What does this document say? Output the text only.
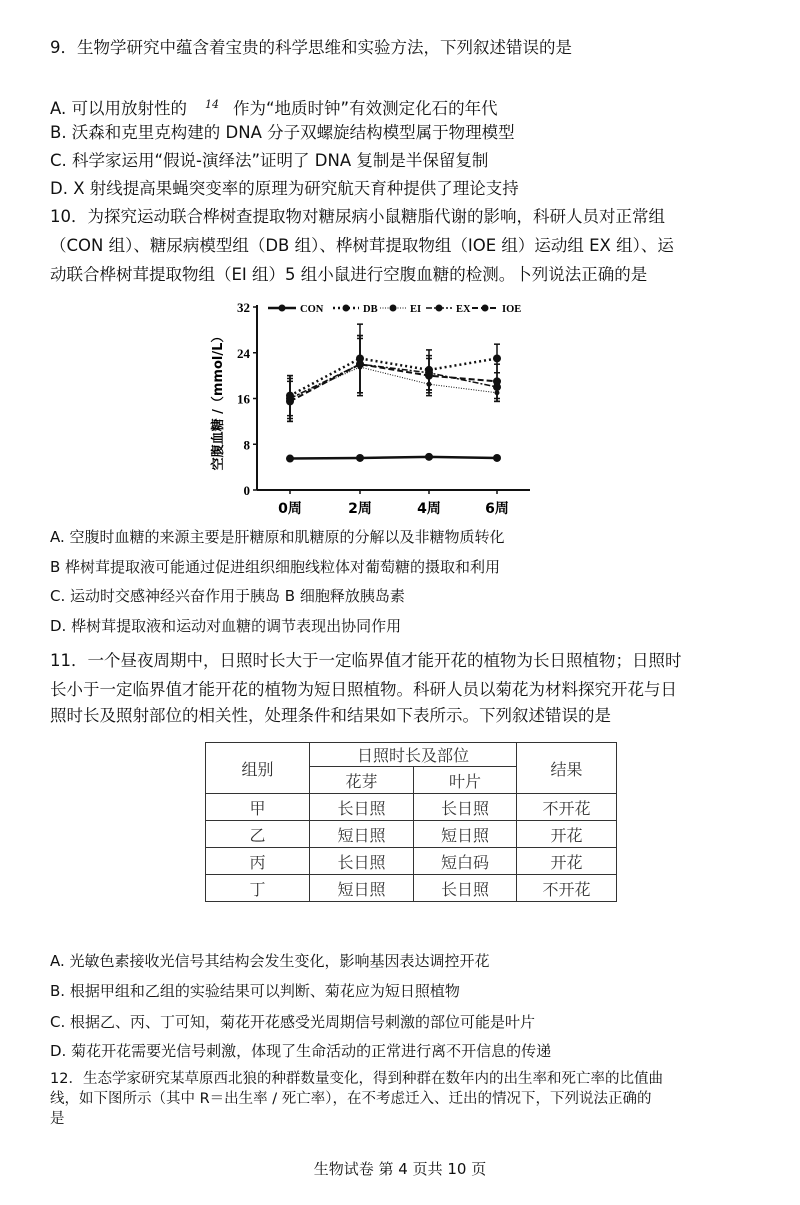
9．生物学研究中蕴含着宝贵的科学思维和实验方法，下列叙述错误的是
A. 可以用放射性的 $^{14}$ 作为“地质时钟”有效测定化石的年代
B. 沃森和克里克构建的 DNA 分子双螺旋结构模型属于物理模型
C. 科学家运用“假说-演绎法”证明了 DNA 复制是半保留复制
D. X 射线提高果蝇突变率的原理为研究航天育种提供了理论支持
10．为探究运动联合桦树查提取物对糖尿病小鼠糖脂代谢的影响，科研人员对正常组
（CON 组）、糖尿病模型组（DB 组）、桦树茸提取物组（IOE 组）运动组 EX 组）、运
动联合桦树茸提取物组（EI 组）5 组小鼠进行空腹血糖的检测。卜列说法正确的是
0
8
16
24
32
0周	2周	4周	6周
空腹血糖 /（mmol/L）
CON	DB	EI	EX	IOE
A. 空腹时血糖的来源主要是肝糖原和肌糖原的分解以及非糖物质转化
B 桦树茸提取液可能通过促进组织细胞线粒体对葡萄糖的摄取和利用
C. 运动时交感神经兴奋作用于胰岛 B 细胞释放胰岛素
D. 桦树茸提取液和运动对血糖的调节表现出协同作用
11．一个昼夜周期中，日照时长大于一定临界值才能开花的植物为长日照植物；日照时
长小于一定临界值才能开花的植物为短日照植物。科研人员以菊花为材料探究开花与日
照时长及照射部位的相关性，处理条件和结果如下表所示。下列叙述错误的是
组别	日照时长及部位		结果
	花芽	叶片	
甲	长日照	长日照	不开花
乙	短日照	短日照	开花
丙	长日照	短白码	开花
丁	短日照	长日照	不开花
A. 光敏色素接收光信号其结构会发生变化，影响基因表达调控开花
B. 根据甲组和乙组的实验结果可以判断、菊花应为短日照植物
C. 根据乙、丙、丁可知，菊花开花感受光周期信号刺激的部位可能是叶片
D. 菊花开花需要光信号刺激，体现了生命活动的正常进行离不开信息的传递
12．生态学家研究某草原西北狼的种群数量变化，得到种群在数年内的出生率和死亡率的比值曲
线，如下图所示（其中 R＝出生率 / 死亡率），在不考虑迁入、迁出的情况下，下列说法正确的
是
生物试卷 第 4 页共 10 页
